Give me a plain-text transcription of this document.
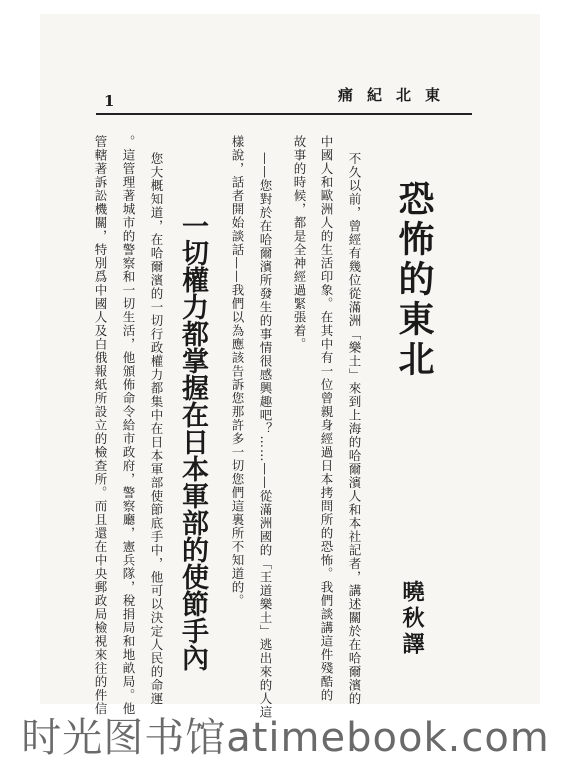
1	東北紀痛
恐怖的東北
曉秋譯
不久以前，曾經有幾位從滿洲「樂土」來到上海的哈爾濱人和本社記者，講述關於在哈爾濱的
中國人和歐洲人的生活印象。在其中有一位曾親身經過日本拷問所的恐怖。我們談講這件殘酷的
故事的時候，都是全神經過緊張着。
——您對於在哈爾濱所發生的事情很感興趣吧？……——從滿洲國的「王道樂土」逃出來的人這
樣說，話者開始談話——我們以為應該告訴您那許多一切您們這裏所不知道的。
一切權力都掌握在日本軍部的使節手內
您大概知道，在哈爾濱的一切行政權力都集中在日本軍部使節底手中，他可以決定人民的命運
。這管理著城市的警察和一切生活，他頒佈命令給市政府，警察廳，憲兵隊，稅捐局和地畝局。他
管轄著訴訟機關，特別爲中國人及白俄報紙所設立的檢查所。而且還在中央郵政局檢視來往的件信
时光图书馆atimebook.com
